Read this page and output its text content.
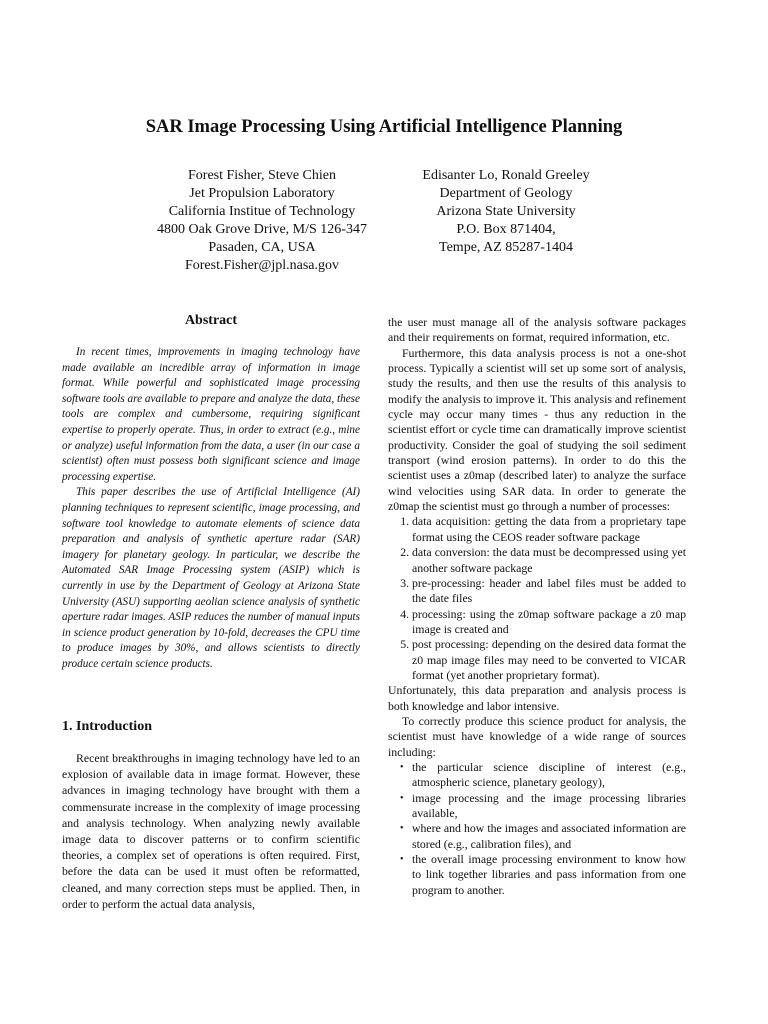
SAR Image Processing Using Artificial Intelligence Planning
Forest Fisher, Steve Chien
Jet Propulsion Laboratory
California Institue of Technology
4800 Oak Grove Drive, M/S 126-347
Pasaden, CA, USA
Forest.Fisher@jpl.nasa.gov
Edisanter Lo, Ronald Greeley
Department of Geology
Arizona State University
P.O. Box 871404,
Tempe, AZ 85287-1404
Abstract

In recent times, improvements in imaging technology have made available an incredible array of information in image format. While powerful and sophisticated image processing software tools are available to prepare and analyze the data, these tools are complex and cumbersome, requiring significant expertise to properly operate. Thus, in order to extract (e.g., mine or analyze) useful information from the data, a user (in our case a scientist) often must possess both significant science and image processing expertise.

This paper describes the use of Artificial Intelligence (AI) planning techniques to represent scientific, image processing, and software tool knowledge to automate elements of science data preparation and analysis of synthetic aperture radar (SAR) imagery for planetary geology. In particular, we describe the Automated SAR Image Processing system (ASIP) which is currently in use by the Department of Geology at Arizona State University (ASU) supporting aeolian science analysis of synthetic aperture radar images. ASIP reduces the number of manual inputs in science product generation by 10-fold, decreases the CPU time to produce images by 30%, and allows scientists to directly produce certain science products.

1. Introduction

Recent breakthroughs in imaging technology have led to an explosion of available data in image format. However, these advances in imaging technology have brought with them a commensurate increase in the complexity of image processing and analysis technology. When analyzing newly available image data to discover patterns or to confirm scientific theories, a complex set of operations is often required. First, before the data can be used it must often be reformatted, cleaned, and many correction steps must be applied. Then, in order to perform the actual data analysis,

the user must manage all of the analysis software packages and their requirements on format, required information, etc.

Furthermore, this data analysis process is not a one-shot process. Typically a scientist will set up some sort of analysis, study the results, and then use the results of this analysis to modify the analysis to improve it. This analysis and refinement cycle may occur many times - thus any reduction in the scientist effort or cycle time can dramatically improve scientist productivity. Consider the goal of studying the soil sediment transport (wind erosion patterns). In order to do this the scientist uses a z0map (described later) to analyze the surface wind velocities using SAR data. In order to generate the z0map the scientist must go through a number of processes:

1. data acquisition: getting the data from a proprietary tape format using the CEOS reader software package
2. data conversion: the data must be decompressed using yet another software package
3. pre-processing: header and label files must be added to the date files
4. processing: using the z0map software package a z0 map image is created and
5. post processing: depending on the desired data format the z0 map image files may need to be converted to VICAR format (yet another proprietary format).

Unfortunately, this data preparation and analysis process is both knowledge and labor intensive.

To correctly produce this science product for analysis, the scientist must have knowledge of a wide range of sources including:

• the particular science discipline of interest (e.g., atmospheric science, planetary geology),
• image processing and the image processing libraries available,
• where and how the images and associated information are stored (e.g., calibration files), and
• the overall image processing environment to know how to link together libraries and pass information from one program to another.
